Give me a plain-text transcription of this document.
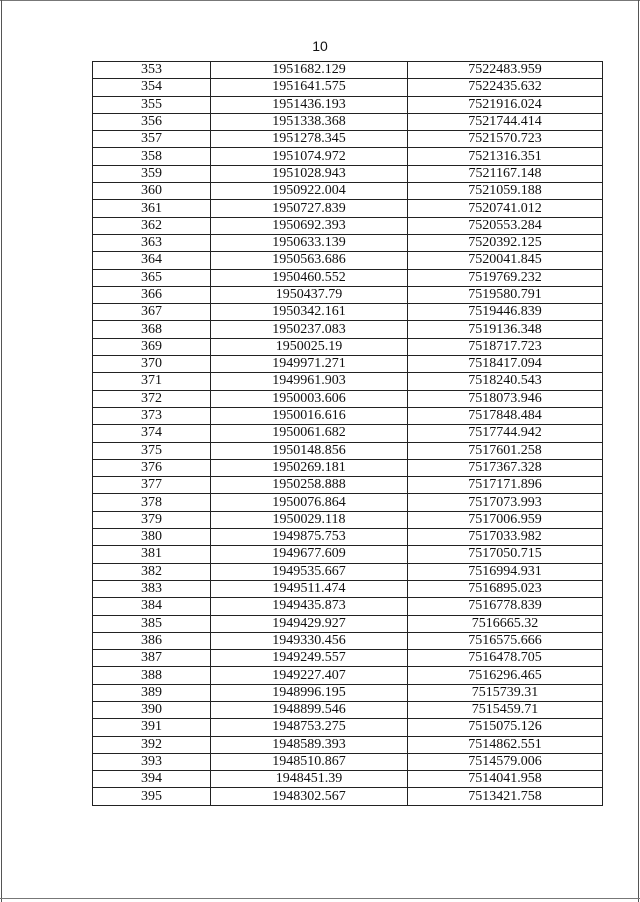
10
353	1951682.129	7522483.959
354	1951641.575	7522435.632
355	1951436.193	7521916.024
356	1951338.368	7521744.414
357	1951278.345	7521570.723
358	1951074.972	7521316.351
359	1951028.943	7521167.148
360	1950922.004	7521059.188
361	1950727.839	7520741.012
362	1950692.393	7520553.284
363	1950633.139	7520392.125
364	1950563.686	7520041.845
365	1950460.552	7519769.232
366	1950437.79	7519580.791
367	1950342.161	7519446.839
368	1950237.083	7519136.348
369	1950025.19	7518717.723
370	1949971.271	7518417.094
371	1949961.903	7518240.543
372	1950003.606	7518073.946
373	1950016.616	7517848.484
374	1950061.682	7517744.942
375	1950148.856	7517601.258
376	1950269.181	7517367.328
377	1950258.888	7517171.896
378	1950076.864	7517073.993
379	1950029.118	7517006.959
380	1949875.753	7517033.982
381	1949677.609	7517050.715
382	1949535.667	7516994.931
383	1949511.474	7516895.023
384	1949435.873	7516778.839
385	1949429.927	7516665.32
386	1949330.456	7516575.666
387	1949249.557	7516478.705
388	1949227.407	7516296.465
389	1948996.195	7515739.31
390	1948899.546	7515459.71
391	1948753.275	7515075.126
392	1948589.393	7514862.551
393	1948510.867	7514579.006
394	1948451.39	7514041.958
395	1948302.567	7513421.758
